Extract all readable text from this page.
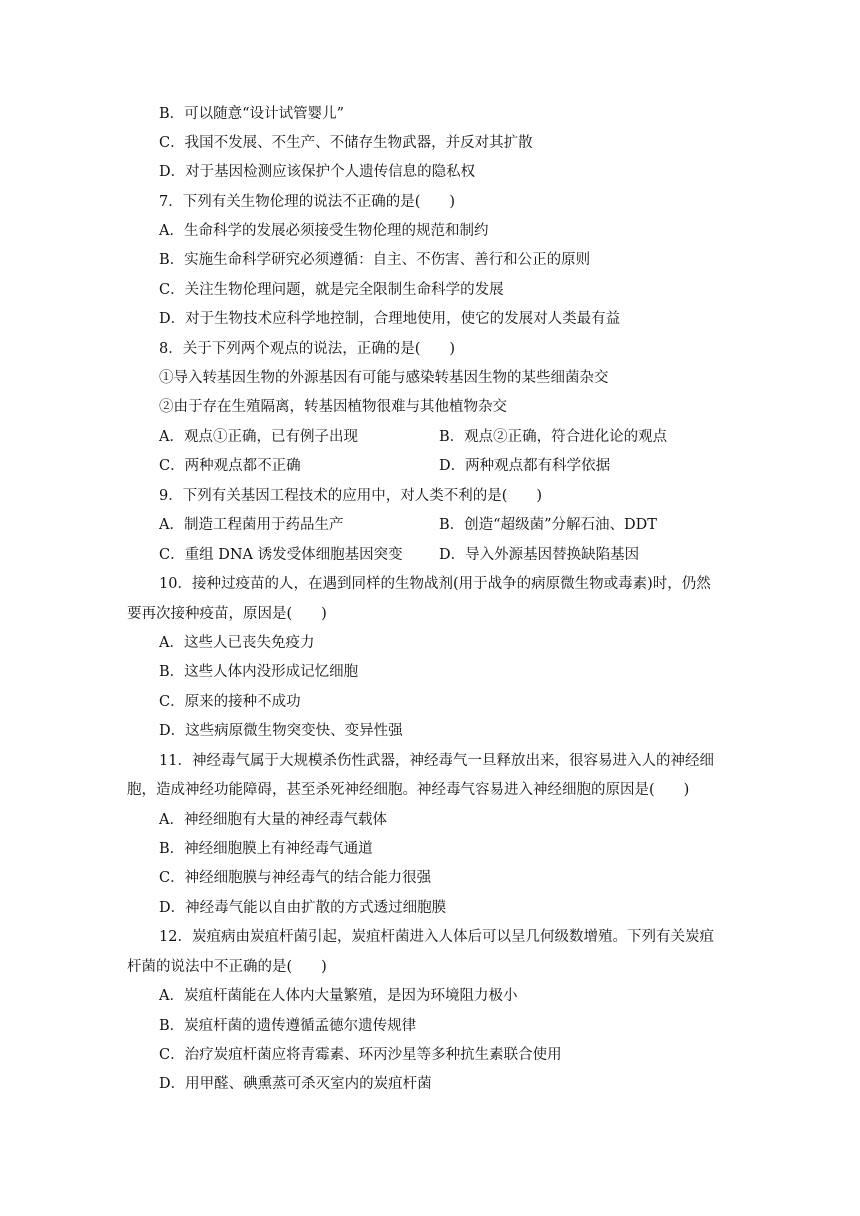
B．可以随意“设计试管婴儿”
C．我国不发展、不生产、不储存生物武器，并反对其扩散
D．对于基因检测应该保护个人遗传信息的隐私权
7．下列有关生物伦理的说法不正确的是(　　)
A．生命科学的发展必须接受生物伦理的规范和制约
B．实施生命科学研究必须遵循：自主、不伤害、善行和公正的原则
C．关注生物伦理问题，就是完全限制生命科学的发展
D．对于生物技术应科学地控制，合理地使用，使它的发展对人类最有益
8．关于下列两个观点的说法，正确的是(　　)
①导入转基因生物的外源基因有可能与感染转基因生物的某些细菌杂交
②由于存在生殖隔离，转基因植物很难与其他植物杂交
A．观点①正确，已有例子出现	B．观点②正确，符合进化论的观点
C．两种观点都不正确	D．两种观点都有科学依据
9．下列有关基因工程技术的应用中，对人类不利的是(　　)
A．制造工程菌用于药品生产	B．创造“超级菌”分解石油、DDT
C．重组 DNA 诱发受体细胞基因突变	D．导入外源基因替换缺陷基因
10．接种过疫苗的人，在遇到同样的生物战剂(用于战争的病原微生物或毒素)时，仍然
要再次接种疫苗，原因是(　　)
A．这些人已丧失免疫力
B．这些人体内没形成记忆细胞
C．原来的接种不成功
D．这些病原微生物突变快、变异性强
11．神经毒气属于大规模杀伤性武器，神经毒气一旦释放出来，很容易进入人的神经细
胞，造成神经功能障碍，甚至杀死神经细胞。神经毒气容易进入神经细胞的原因是(　　)
A．神经细胞有大量的神经毒气载体
B．神经细胞膜上有神经毒气通道
C．神经细胞膜与神经毒气的结合能力很强
D．神经毒气能以自由扩散的方式透过细胞膜
12．炭疽病由炭疽杆菌引起，炭疽杆菌进入人体后可以呈几何级数增殖。下列有关炭疽
杆菌的说法中不正确的是(　　)
A．炭疽杆菌能在人体内大量繁殖，是因为环境阻力极小
B．炭疽杆菌的遗传遵循孟德尔遗传规律
C．治疗炭疽杆菌应将青霉素、环丙沙星等多种抗生素联合使用
D．用甲醛、碘熏蒸可杀灭室内的炭疽杆菌
